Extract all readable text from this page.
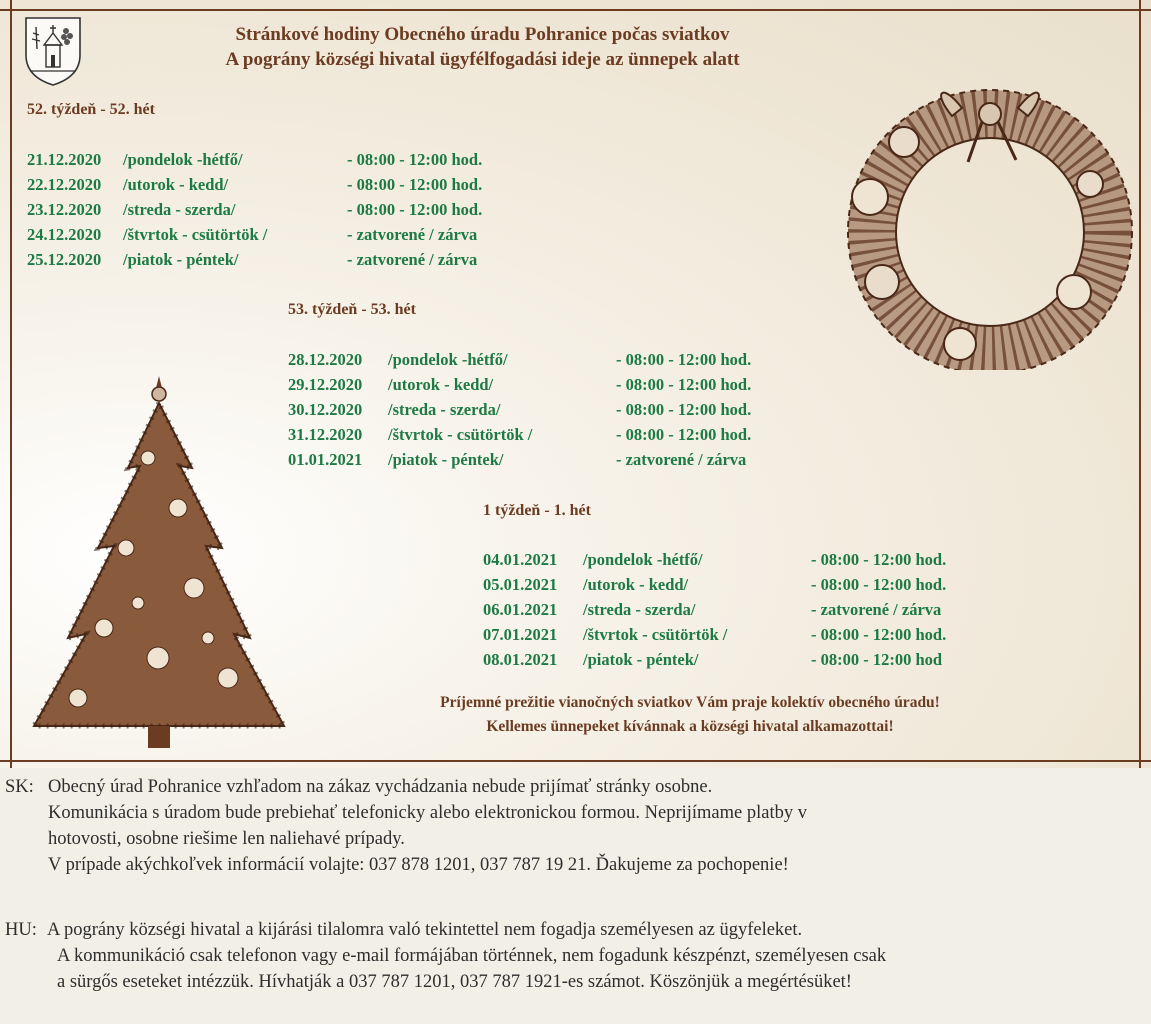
Stránkové hodiny Obecného úradu Pohranice počas sviatkov
A pográny községi hivatal ügyfélfogadási ideje az ünnepek alatt
52. týždeň - 52. hét
21.12.2020 /pondelok -hétfő/	- 08:00 - 12:00 hod.
22.12.2020 /utorok - kedd/	- 08:00 - 12:00 hod.
23.12.2020 /streda - szerda/	- 08:00 - 12:00 hod.
24.12.2020 /štvrtok - csütörtök /	- zatvorené / zárva
25.12.2020 /piatok - péntek/	- zatvorené / zárva
53. týždeň - 53. hét
28.12.2020 /pondelok -hétfő/	- 08:00 - 12:00 hod.
29.12.2020 /utorok - kedd/	- 08:00 - 12:00 hod.
30.12.2020 /streda - szerda/	- 08:00 - 12:00 hod.
31.12.2020 /štvrtok - csütörtök /	- 08:00 - 12:00 hod.
01.01.2021 /piatok - péntek/	- zatvorené / zárva
1 týždeň - 1. hét
04.01.2021 /pondelok -hétfő/	- 08:00 - 12:00 hod.
05.01.2021 /utorok - kedd/	- 08:00 - 12:00 hod.
06.01.2021 /streda - szerda/	- zatvorené / zárva
07.01.2021 /štvrtok - csütörtök /	- 08:00 - 12:00 hod.
08.01.2021 /piatok - péntek/	- 08:00 - 12:00 hod
Príjemné prežitie vianočných sviatkov Vám praje kolektív obecného úradu!
Kellemes ünnepeket kívánnak a községi hivatal alkamazottai!
SK: Obecný úrad Pohranice vzhľadom na zákaz vychádzania nebude prijímať stránky osobne.
Komunikácia s úradom bude prebiehať telefonicky alebo elektronickou formou. Neprijímame platby v
hotovosti, osobne riešime len naliehavé prípady.
V prípade akýchkoľvek informácií volajte: 037 878 1201, 037 787 19 21. Ďakujeme za pochopenie!
HU: A pográny községi hivatal a kijárási tilalomra való tekintettel nem fogadja személyesen az ügyfeleket.
A kommunikáció csak telefonon vagy e-mail formájában történnek, nem fogadunk készpénzt, személyesen csak
a sürgős eseteket intézzük. Hívhatják a 037 787 1201, 037 787 1921-es számot. Köszönjük a megértésüket!
